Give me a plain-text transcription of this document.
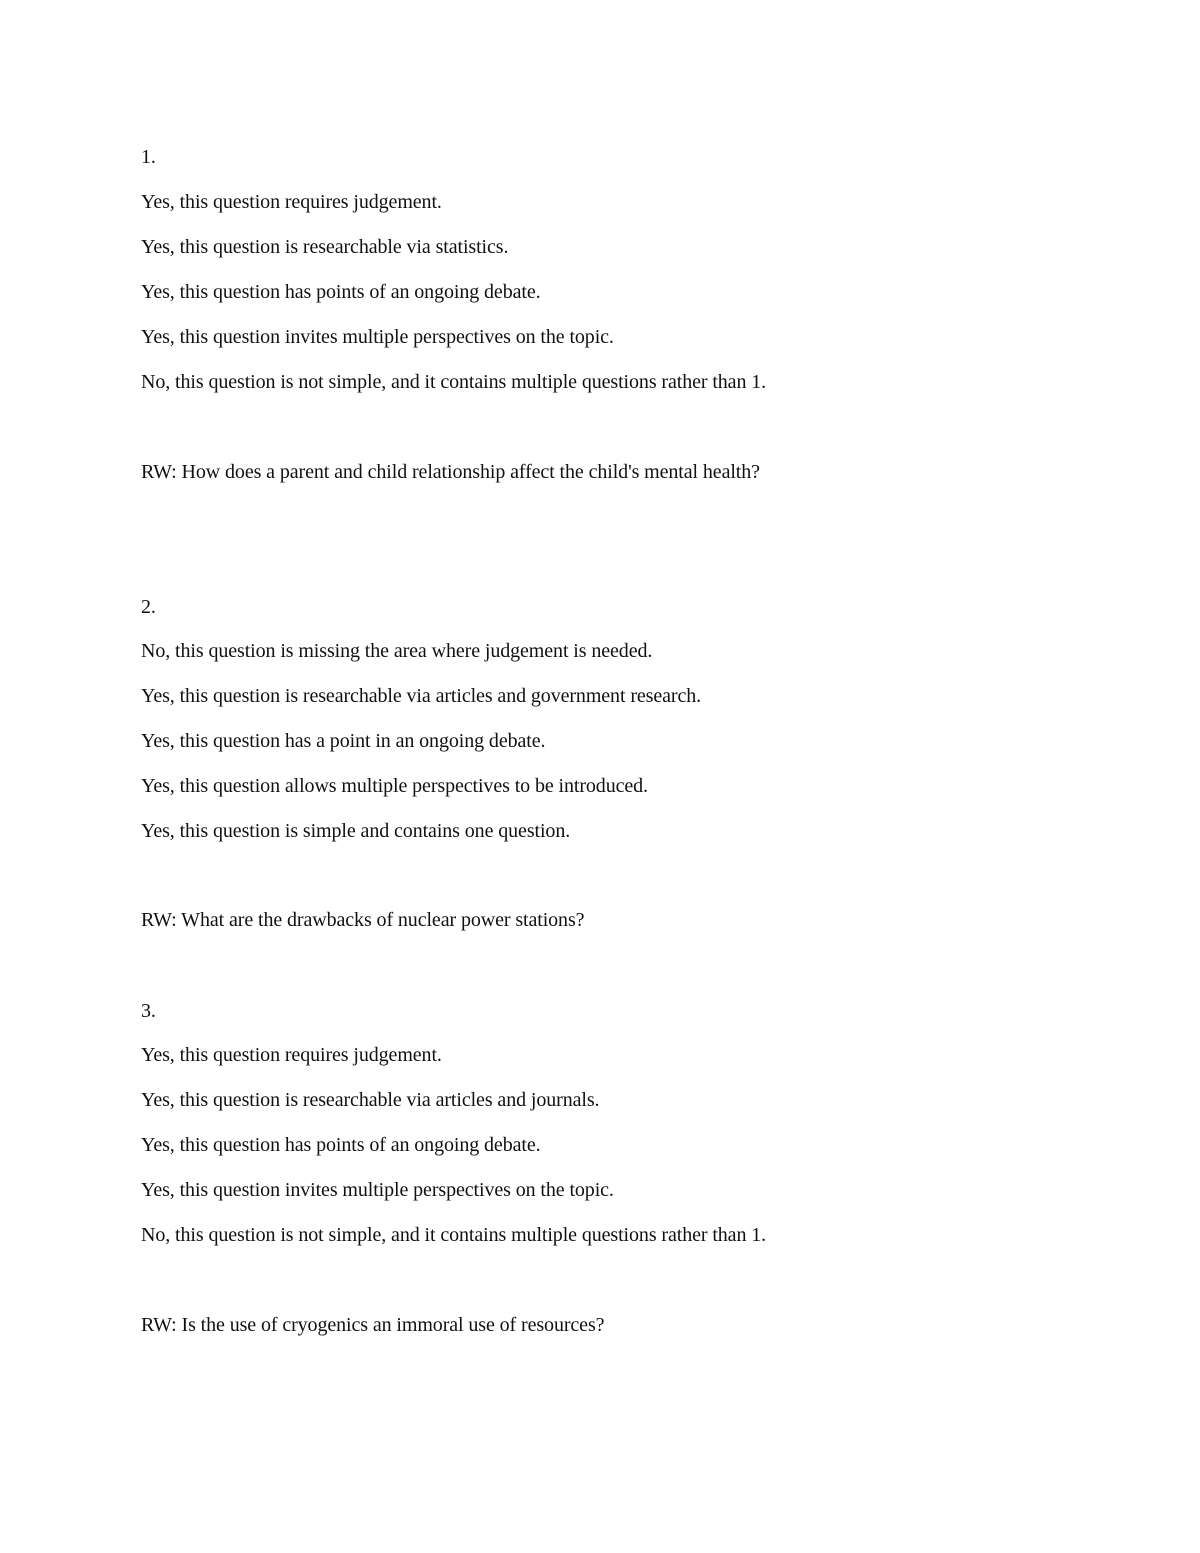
1.
Yes, this question requires judgement.
Yes, this question is researchable via statistics.
Yes, this question has points of an ongoing debate.
Yes, this question invites multiple perspectives on the topic.
No, this question is not simple, and it contains multiple questions rather than 1.
RW: How does a parent and child relationship affect the child's mental health?
2.
No, this question is missing the area where judgement is needed.
Yes, this question is researchable via articles and government research.
Yes, this question has a point in an ongoing debate.
Yes, this question allows multiple perspectives to be introduced.
Yes, this question is simple and contains one question.
RW: What are the drawbacks of nuclear power stations?
3.
Yes, this question requires judgement.
Yes, this question is researchable via articles and journals.
Yes, this question has points of an ongoing debate.
Yes, this question invites multiple perspectives on the topic.
No, this question is not simple, and it contains multiple questions rather than 1.
RW: Is the use of cryogenics an immoral use of resources?
